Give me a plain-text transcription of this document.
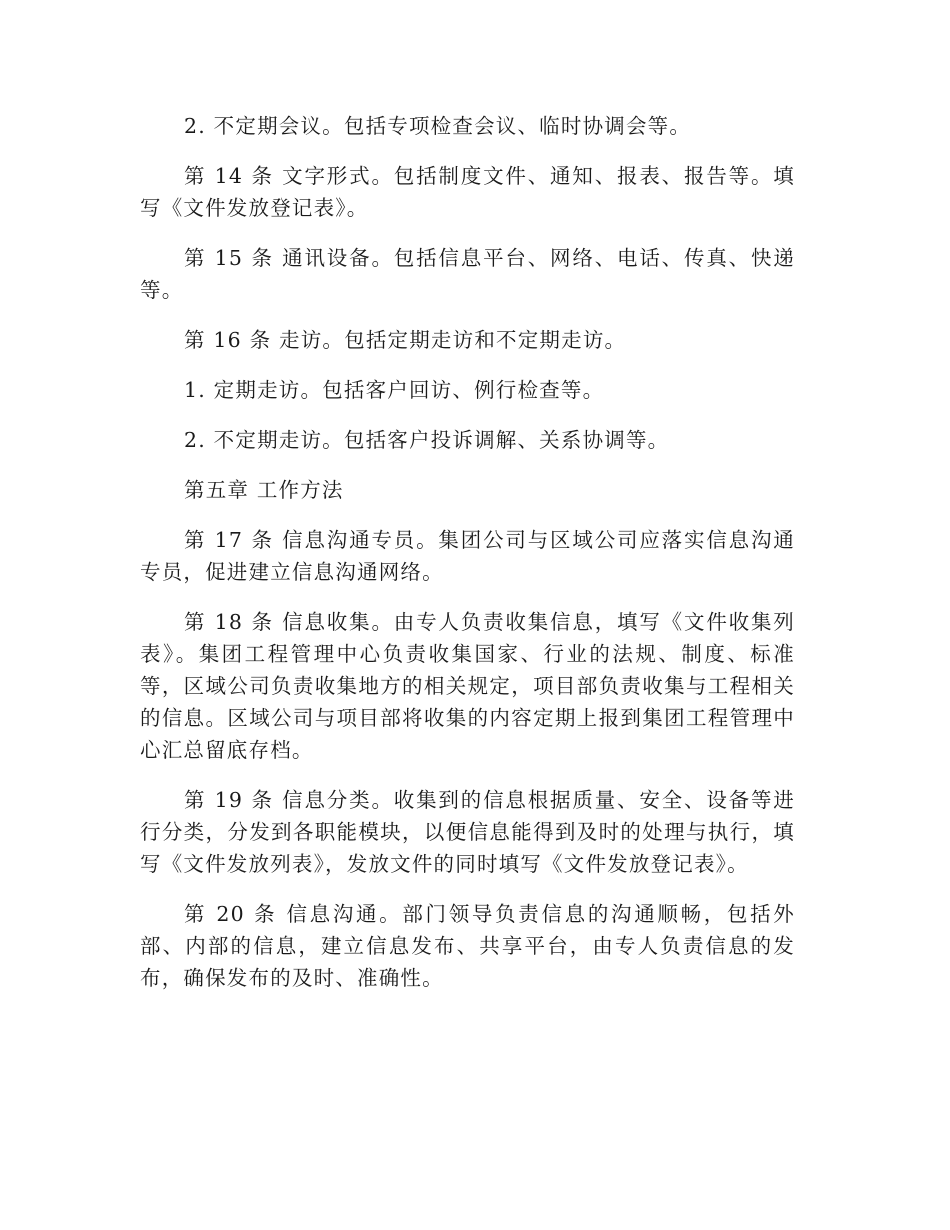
2. 不定期会议。包括专项检查会议、临时协调会等。

第 14 条 文字形式。包括制度文件、通知、报表、报告等。填写《文件发放登记表》。

第 15 条 通讯设备。包括信息平台、网络、电话、传真、快递等。

第 16 条 走访。包括定期走访和不定期走访。

1. 定期走访。包括客户回访、例行检查等。

2. 不定期走访。包括客户投诉调解、关系协调等。

第五章 工作方法

第 17 条 信息沟通专员。集团公司与区域公司应落实信息沟通专员，促进建立信息沟通网络。

第 18 条 信息收集。由专人负责收集信息，填写《文件收集列表》。集团工程管理中心负责收集国家、行业的法规、制度、标准等，区域公司负责收集地方的相关规定，项目部负责收集与工程相关的信息。区域公司与项目部将收集的内容定期上报到集团工程管理中心汇总留底存档。

第 19 条 信息分类。收集到的信息根据质量、安全、设备等进行分类，分发到各职能模块，以便信息能得到及时的处理与执行，填写《文件发放列表》，发放文件的同时填写《文件发放登记表》。

第 20 条 信息沟通。部门领导负责信息的沟通顺畅，包括外部、内部的信息，建立信息发布、共享平台，由专人负责信息的发布，确保发布的及时、准确性。
